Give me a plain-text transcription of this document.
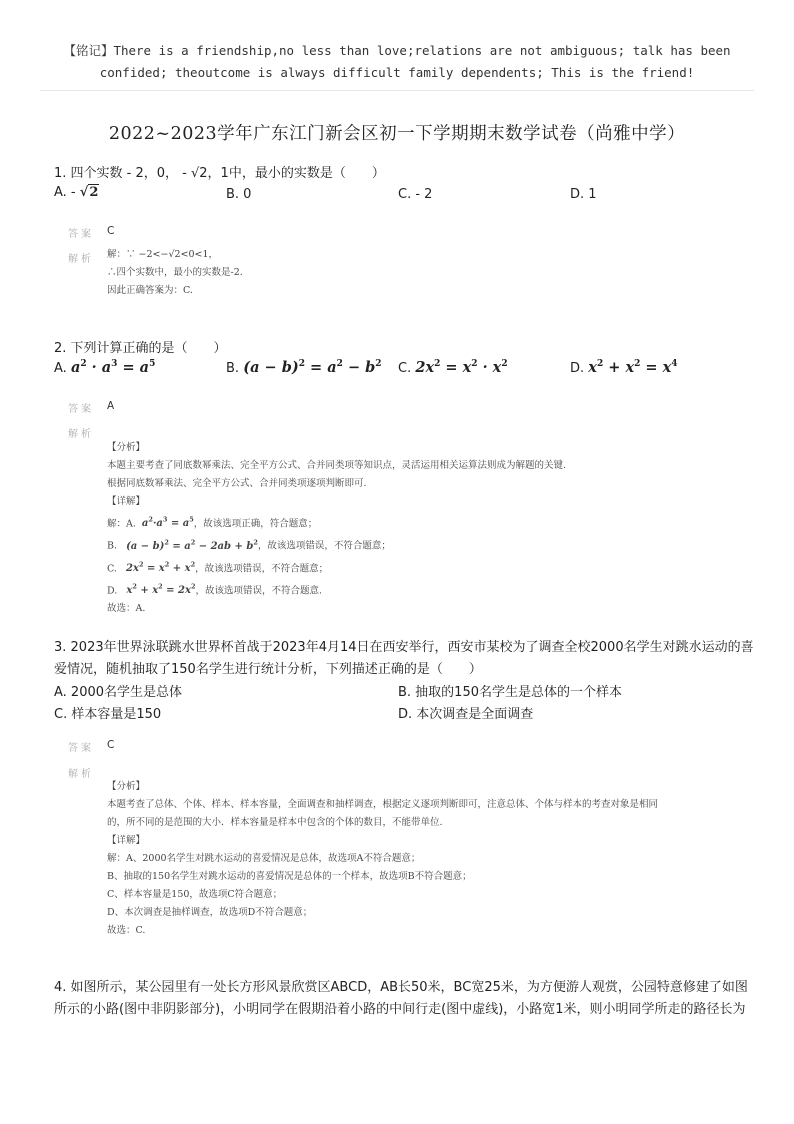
【铭记】There is a friendship,no less than love;relations are not ambiguous; talk has been
confided; theoutcome is always difficult family dependents; This is the friend!
2022~2023学年广东江门新会区初一下学期期末数学试卷（尚雅中学）
1. 四个实数 - 2，0， - √2，1中，最小的实数是（　　）
A. - √2	B. 0	C. - 2	D. 1
答案 C
解析 解：∵ −2<−√2<0<1，
∴四个实数中，最小的实数是-2.
因此正确答案为：C.
2. 下列计算正确的是（　　）
A. $a^2 \cdot a^3 = a^5$	B. $(a - b)^2 = a^2 - b^2$ C. $2x^2 = x^2 \cdot x^2$	D. $x^2 + x^2 = x^4$
答案 A
解析
【分析】
本题主要考查了同底数幂乘法、完全平方公式、合并同类项等知识点，灵活运用相关运算法则成为解题的关键.
根据同底数幂乘法、完全平方公式、合并同类项逐项判断即可.
【详解】
解：A.  $a^2\cdot a^3 = a^5$，故该选项正确，符合题意；
B.   $(a - b)^2 = a^2 - 2ab + b^2$，故该选项错误，不符合题意；
C.   $2x^2 = x^2 + x^2$，故该选项错误，不符合题意；
D.   $x^2 + x^2 = 2x^2$，故该选项错误，不符合题意.
故选：A.
3. 2023年世界泳联跳水世界杯首战于2023年4月14日在西安举行，西安市某校为了调查全校2000名学生对跳水运动的喜
爱情况，随机抽取了150名学生进行统计分析，下列描述正确的是（　　）
A. 2000名学生是总体	B. 抽取的150名学生是总体的一个样本
C. 样本容量是150	D. 本次调查是全面调查
答案 C
解析
【分析】
本题考查了总体、个体、样本、样本容量，全面调查和抽样调查，根据定义逐项判断即可，注意总体、个体与样本的考查对象是相同
的，所不同的是范围的大小．样本容量是样本中包含的个体的数目，不能带单位.
【详解】
解：A、2000名学生对跳水运动的喜爱情况是总体，故选项A不符合题意；
B、抽取的150名学生对跳水运动的喜爱情况是总体的一个样本，故选项B不符合题意；
C、样本容量是150，故选项C符合题意；
D、本次调查是抽样调查，故选项D不符合题意；
故选：C.
4. 如图所示，某公园里有一处长方形风景欣赏区ABCD，AB长50米，BC宽25米，为方便游人观赏，公园特意修建了如图
所示的小路(图中非阴影部分)，小明同学在假期沿着小路的中间行走(图中虚线)，小路宽1米，则小明同学所走的路径长为
